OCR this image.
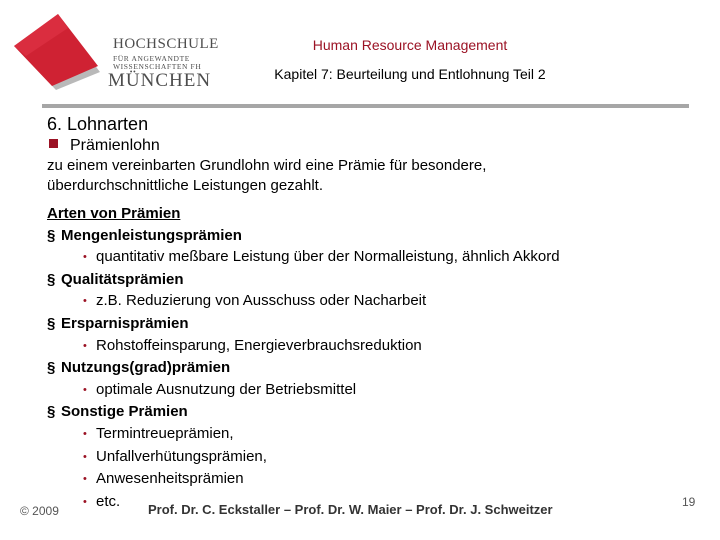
HOCHSCHULE
FÜR ANGEWANDTE
WISSENSCHAFTEN FH
MÜNCHEN
Human Resource Management
Kapitel 7: Beurteilung und Entlohnung Teil 2
6. Lohnarten
Prämienlohn
zu einem vereinbarten Grundlohn wird eine Prämie für besondere,
überdurchschnittliche Leistungen gezahlt.
Arten von Prämien
§ Mengenleistungsprämien
• quantitativ meßbare Leistung über der Normalleistung, ähnlich Akkord
§ Qualitätsprämien
• z.B. Reduzierung von Ausschuss oder Nacharbeit
§ Ersparnisprämien
• Rohstoffeinsparung, Energieverbrauchsreduktion
§ Nutzungs(grad)prämien
• optimale Ausnutzung der Betriebsmittel
§ Sonstige Prämien
• Termintreueprämien,
• Unfallverhütungsprämien,
• Anwesenheitsprämien
• etc.
© 2009	Prof. Dr. C. Eckstaller – Prof. Dr. W. Maier – Prof. Dr. J. Schweitzer	19
